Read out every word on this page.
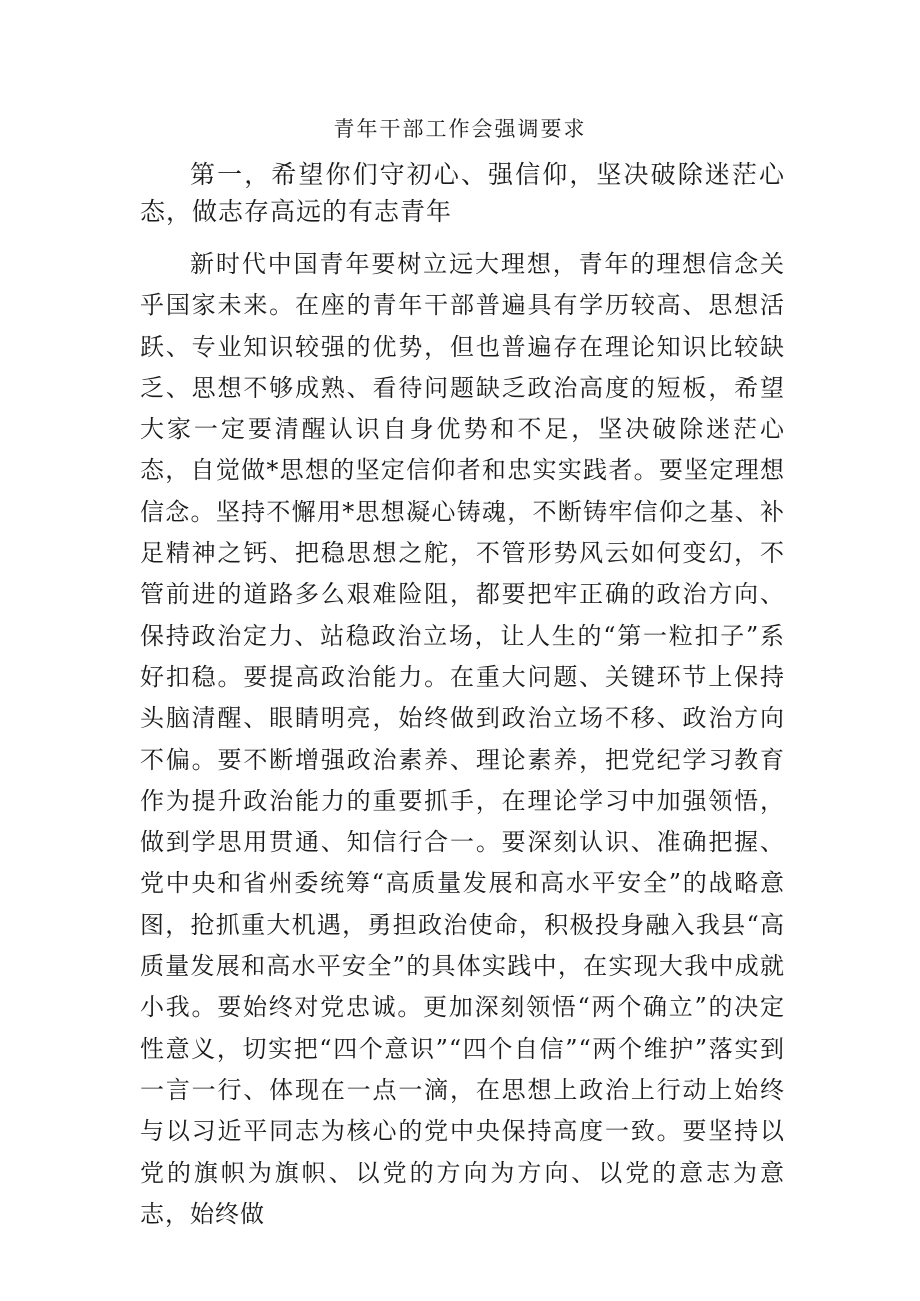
青年干部工作会强调要求
第一，希望你们守初心、强信仰，坚决破除迷茫心态，做志存高远的有志青年

新时代中国青年要树立远大理想，青年的理想信念关乎国家未来。在座的青年干部普遍具有学历较高、思想活跃、专业知识较强的优势，但也普遍存在理论知识比较缺乏、思想不够成熟、看待问题缺乏政治高度的短板，希望大家一定要清醒认识自身优势和不足，坚决破除迷茫心态，自觉做*思想的坚定信仰者和忠实实践者。要坚定理想信念。坚持不懈用*思想凝心铸魂，不断铸牢信仰之基、补足精神之钙、把稳思想之舵，不管形势风云如何变幻，不管前进的道路多么艰难险阻，都要把牢正确的政治方向、保持政治定力、站稳政治立场，让人生的“第一粒扣子”系好扣稳。要提高政治能力。在重大问题、关键环节上保持头脑清醒、眼睛明亮，始终做到政治立场不移、政治方向不偏。要不断增强政治素养、理论素养，把党纪学习教育作为提升政治能力的重要抓手，在理论学习中加强领悟，做到学思用贯通、知信行合一。要深刻认识、准确把握、党中央和省州委统筹“高质量发展和高水平安全”的战略意图，抢抓重大机遇，勇担政治使命，积极投身融入我县“高质量发展和高水平安全”的具体实践中，在实现大我中成就小我。要始终对党忠诚。更加深刻领悟“两个确立”的决定性意义，切实把“四个意识”“四个自信”“两个维护”落实到一言一行、体现在一点一滴，在思想上政治上行动上始终与以习近平同志为核心的党中央保持高度一致。要坚持以党的旗帜为旗帜、以党的方向为方向、以党的意志为意志，始终做
